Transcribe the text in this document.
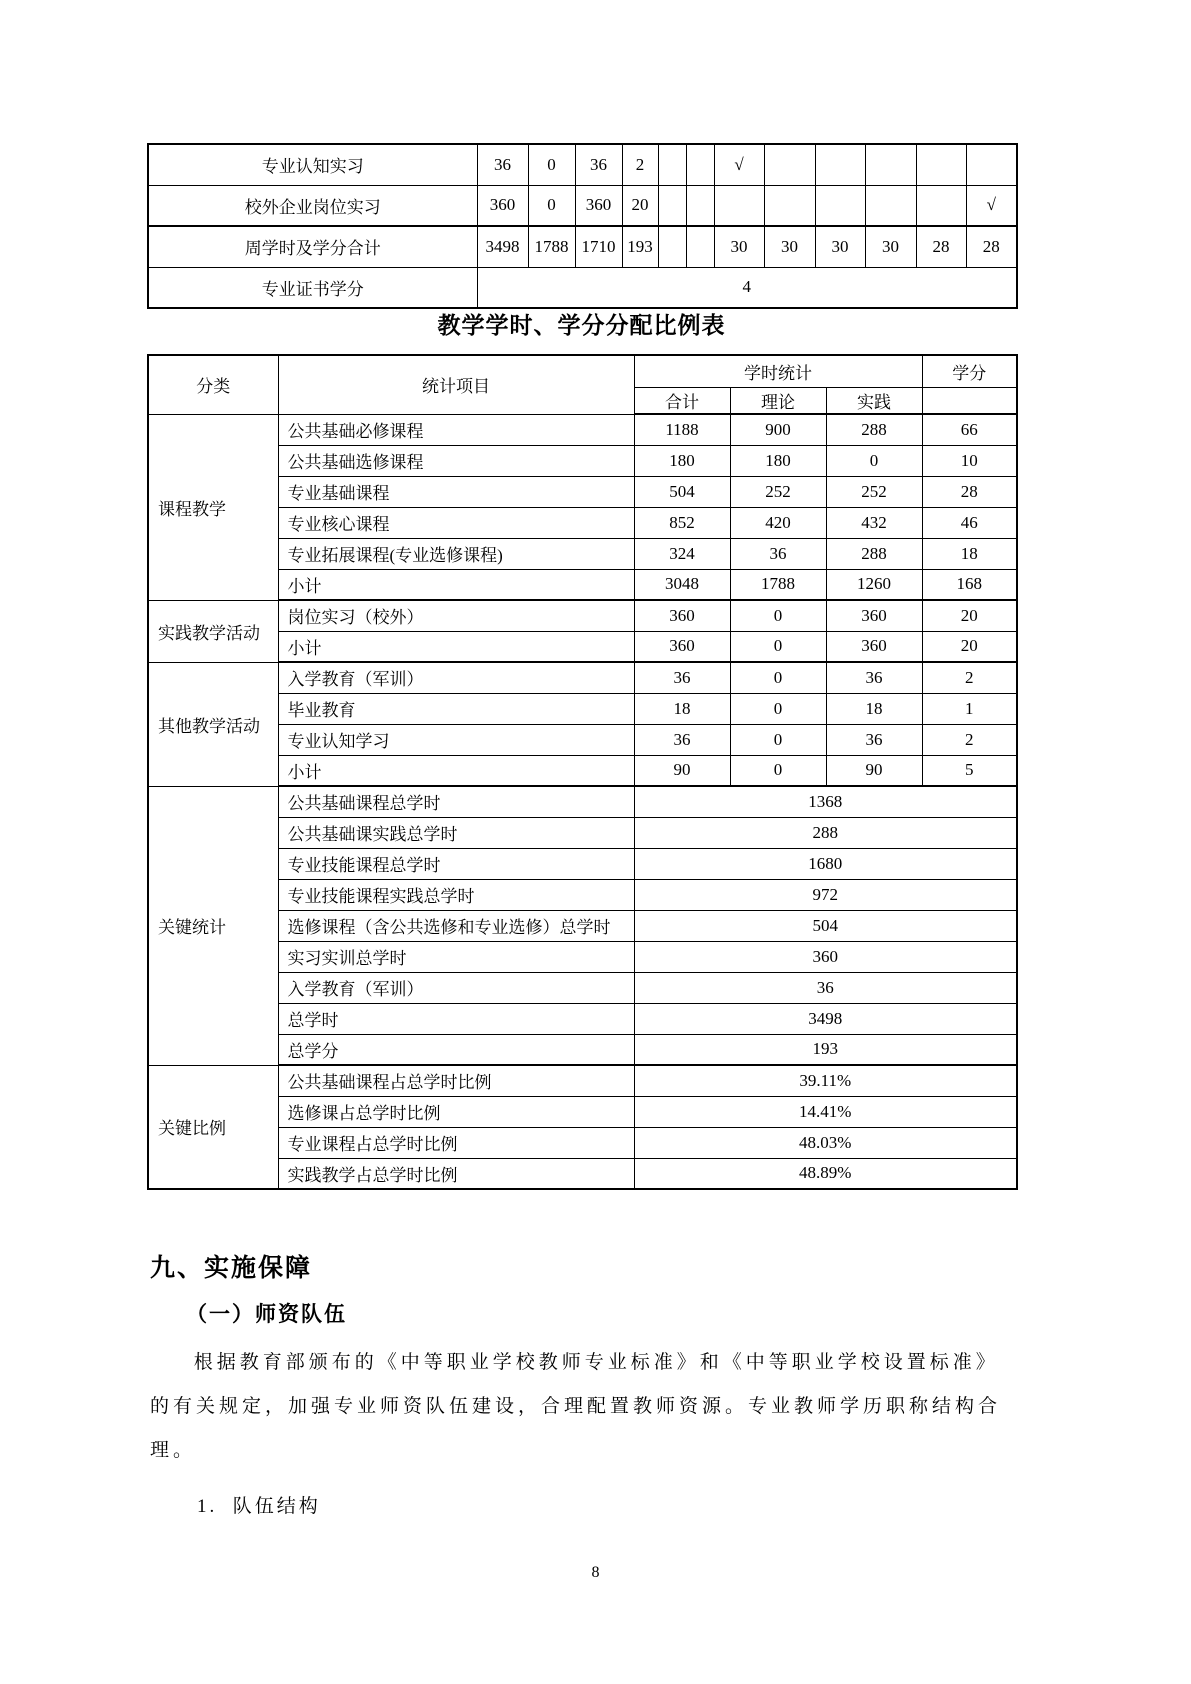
专业认知实习	36	0	36	2			√					
校外企业岗位实习	360	0	360	20								√
周学时及学分合计	3498	1788	1710	193			30	30	30	30	28	28
专业证书学分	4											
教学学时、学分分配比例表
分类	统计项目	学时统计			学分
		合计	理论	实践	
课程教学	公共基础必修课程	1188	900	288	66
	公共基础选修课程	180	180	0	10
	专业基础课程	504	252	252	28
	专业核心课程	852	420	432	46
	专业拓展课程(专业选修课程)	324	36	288	18
	小计	3048	1788	1260	168
实践教学活动	岗位实习（校外）	360	0	360	20
	小计	360	0	360	20
其他教学活动	入学教育（军训）	36	0	36	2
	毕业教育	18	0	18	1
	专业认知学习	36	0	36	2
	小计	90	0	90	5
关键统计	公共基础课程总学时	1368			
	公共基础课实践总学时	288			
	专业技能课程总学时	1680			
	专业技能课程实践总学时	972			
	选修课程（含公共选修和专业选修）总学时	504			
	实习实训总学时	360			
	入学教育（军训）	36			
	总学时	3498			
	总学分	193			
关键比例	公共基础课程占总学时比例	39.11%			
	选修课占总学时比例	14.41%			
	专业课程占总学时比例	48.03%			
	实践教学占总学时比例	48.89%			
九、实施保障
（一）师资队伍
根据教育部颁布的《中等职业学校教师专业标准》和《中等职业学校设置标准》
的有关规定，加强专业师资队伍建设，合理配置教师资源。专业教师学历职称结构合
理。
1.  队伍结构
8
